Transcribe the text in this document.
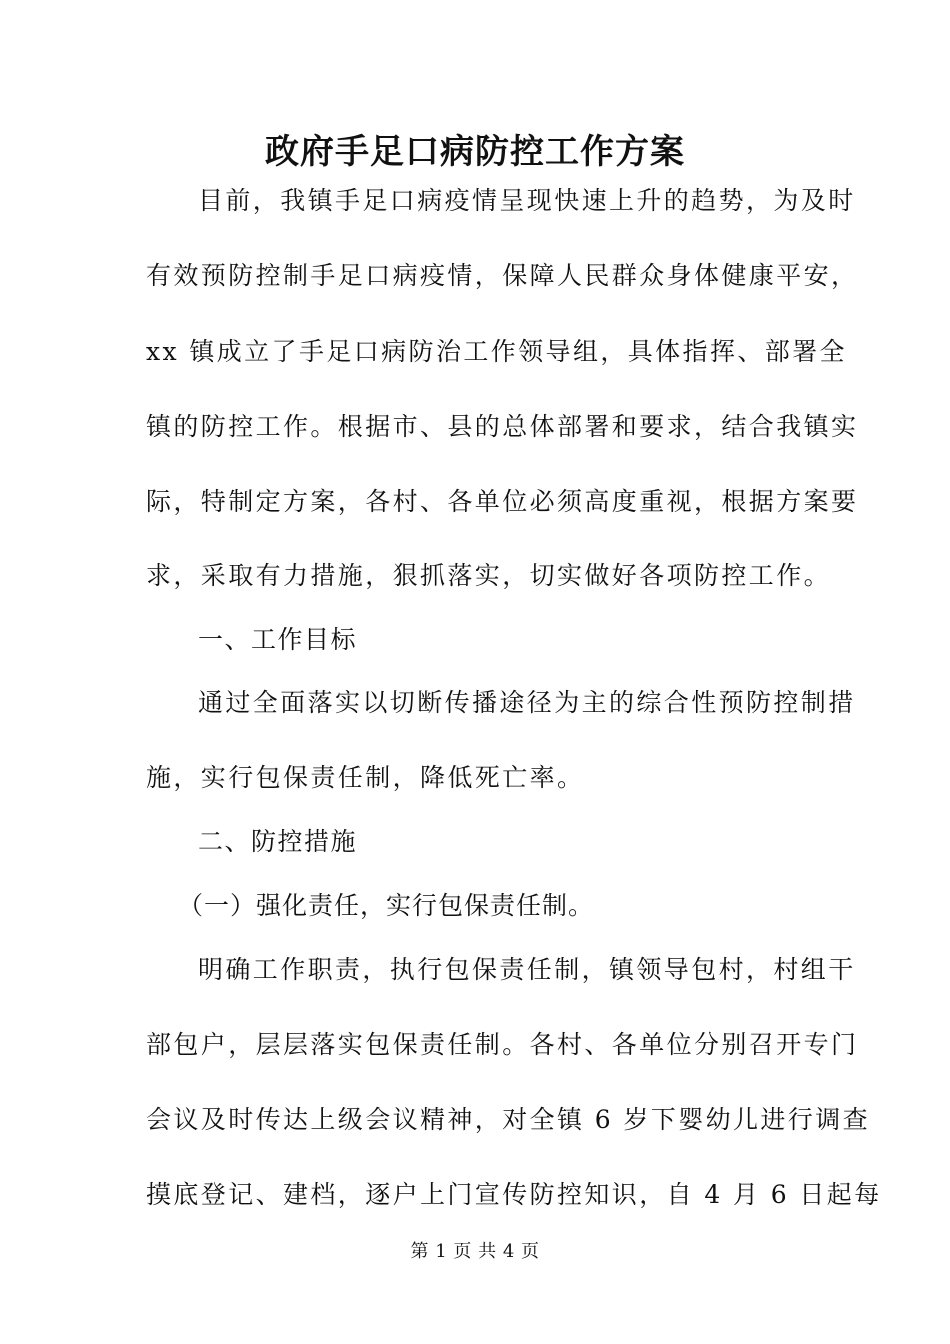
政府手足口病防控工作方案

目前，我镇手足口病疫情呈现快速上升的趋势，为及时

有效预防控制手足口病疫情，保障人民群众身体健康平安，

xx 镇成立了手足口病防治工作领导组，具体指挥、部署全

镇的防控工作。根据市、县的总体部署和要求，结合我镇实

际，特制定方案，各村、各单位必须高度重视，根据方案要

求，采取有力措施，狠抓落实，切实做好各项防控工作。

一、工作目标

通过全面落实以切断传播途径为主的综合性预防控制措

施，实行包保责任制，降低死亡率。

二、防控措施

（一）强化责任，实行包保责任制。

明确工作职责，执行包保责任制，镇领导包村，村组干

部包户，层层落实包保责任制。各村、各单位分别召开专门

会议及时传达上级会议精神，对全镇 6 岁下婴幼儿进行调查

摸底登记、建档，逐户上门宣传防控知识，自 4 月 6 日起每

第 1 页 共 4 页
